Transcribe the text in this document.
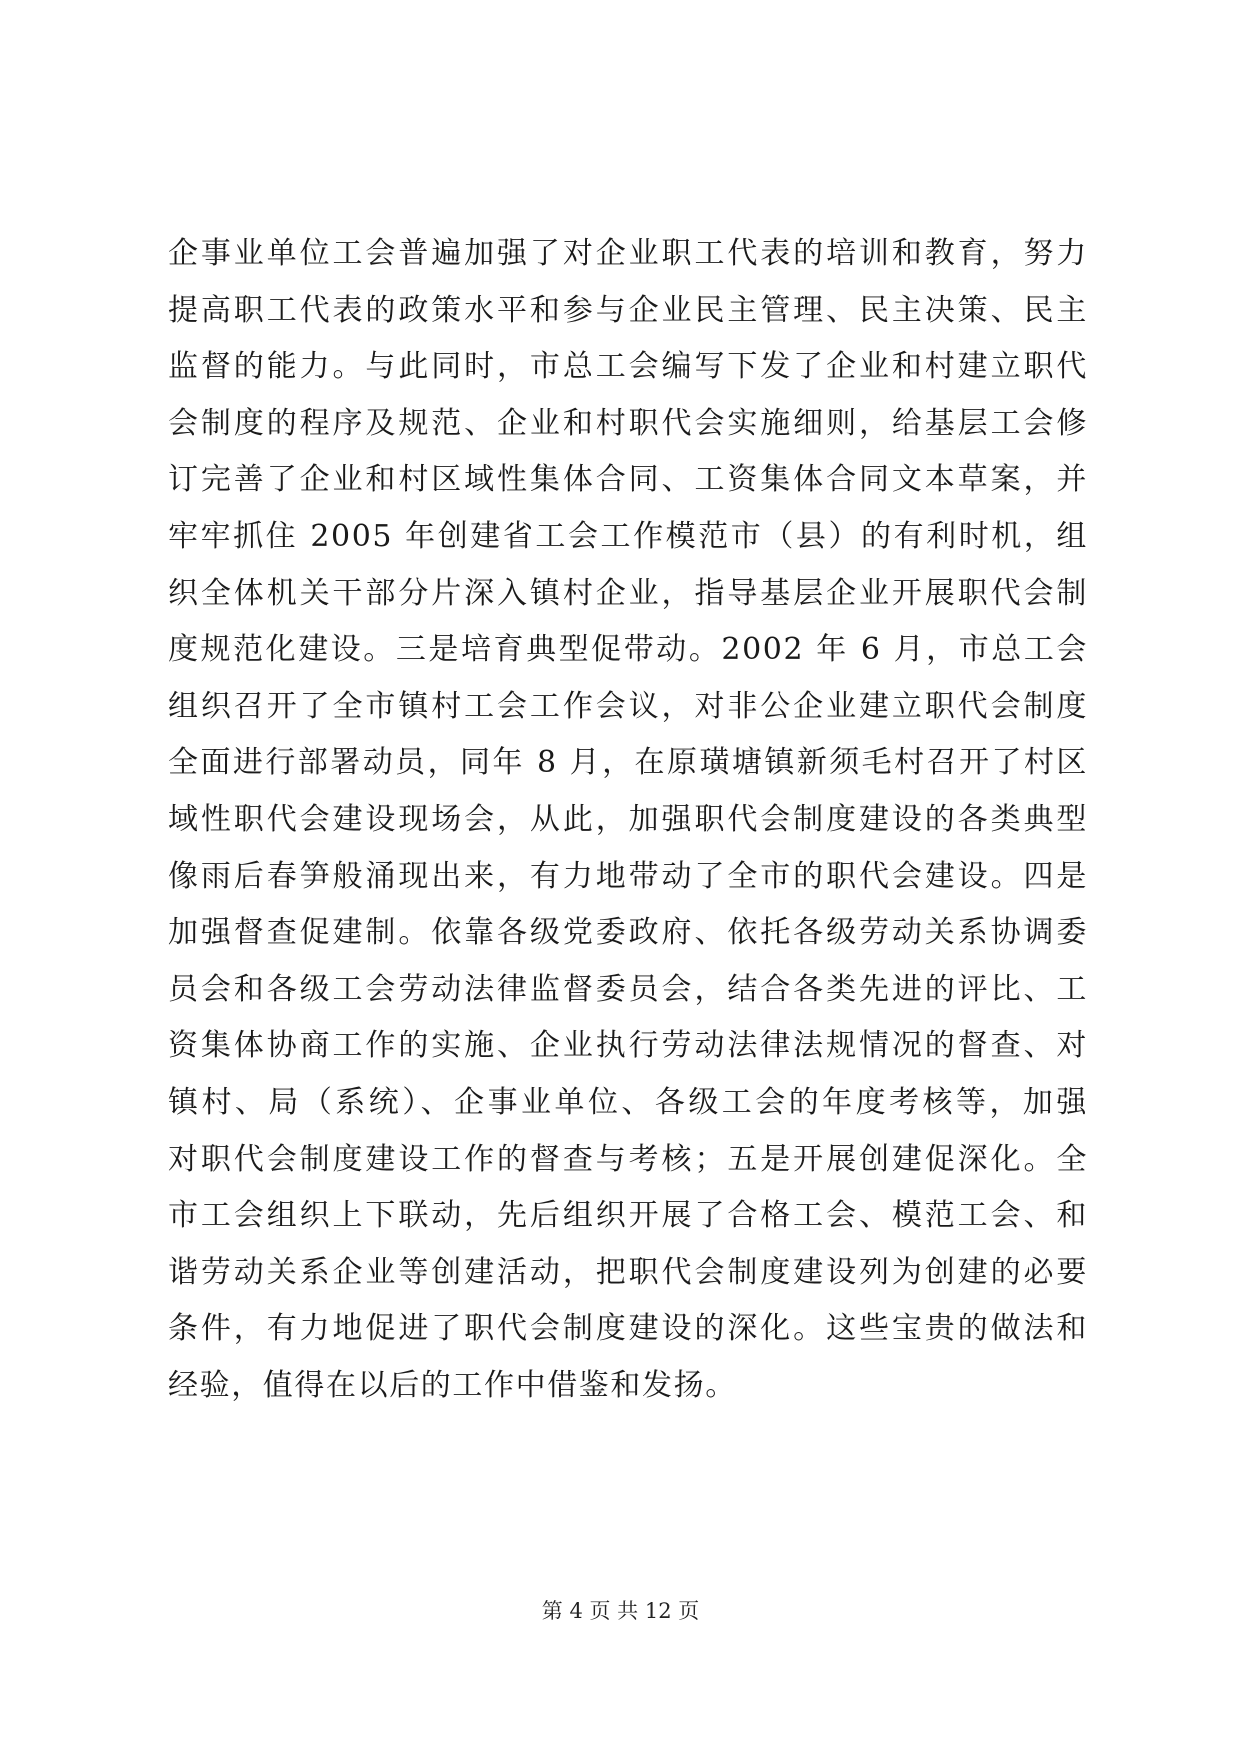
企事业单位工会普遍加强了对企业职工代表的培训和教育，努力
提高职工代表的政策水平和参与企业民主管理、民主决策、民主
监督的能力。与此同时，市总工会编写下发了企业和村建立职代
会制度的程序及规范、企业和村职代会实施细则，给基层工会修
订完善了企业和村区域性集体合同、工资集体合同文本草案，并
牢牢抓住 2005 年创建省工会工作模范市（县）的有利时机，组
织全体机关干部分片深入镇村企业，指导基层企业开展职代会制
度规范化建设。三是培育典型促带动。2002 年 6 月，市总工会
组织召开了全市镇村工会工作会议，对非公企业建立职代会制度
全面进行部署动员，同年 8 月，在原璜塘镇新须毛村召开了村区
域性职代会建设现场会，从此，加强职代会制度建设的各类典型
像雨后春笋般涌现出来，有力地带动了全市的职代会建设。四是
加强督查促建制。依靠各级党委政府、依托各级劳动关系协调委
员会和各级工会劳动法律监督委员会，结合各类先进的评比、工
资集体协商工作的实施、企业执行劳动法律法规情况的督查、对
镇村、局（系统）、企事业单位、各级工会的年度考核等，加强
对职代会制度建设工作的督查与考核；五是开展创建促深化。全
市工会组织上下联动，先后组织开展了合格工会、模范工会、和
谐劳动关系企业等创建活动，把职代会制度建设列为创建的必要
条件，有力地促进了职代会制度建设的深化。这些宝贵的做法和
经验，值得在以后的工作中借鉴和发扬。
第 4 页 共 12 页
